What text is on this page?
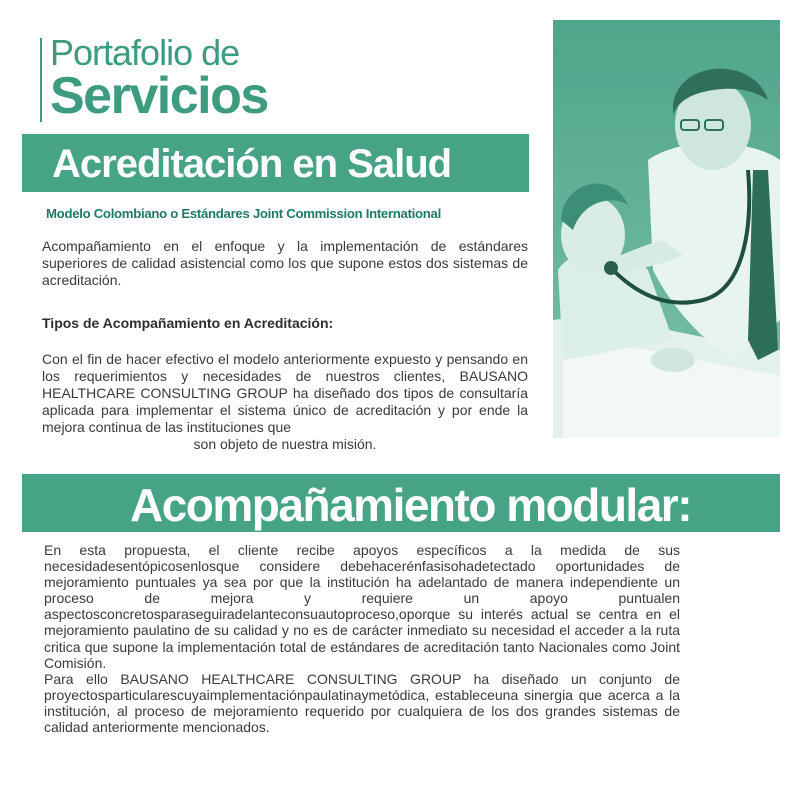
Portafolio de
Servicios
Acreditación en Salud
Modelo Colombiano o Estándares Joint Commission International
Acompañamiento en el enfoque y la implementación de estándares superiores de calidad asistencial como los que supone estos dos sistemas de acreditación.
Tipos de Acompañamiento en Acreditación:
Con el fin de hacer efectivo el modelo anteriormente expuesto y pensando en los requerimientos y necesidades de nuestros clientes, BAUSANO HEALTHCARE CONSULTING GROUP ha diseñado dos tipos de consultaría aplicada para implementar el sistema único de acreditación y por ende la mejora continua de las instituciones que
son objeto de nuestra misión.
Acompañamiento modular:
En esta propuesta, el cliente recibe apoyos específicos a la medida de sus necesidadesentópicosenlosque considere debehacerénfasisohadetectado oportunidades de mejoramiento puntuales ya sea por que la institución ha adelantado de manera independiente un proceso de mejora y requiere un apoyo puntualen aspectosconcretosparaseguiradelanteconsuautoproceso,oporque su interés actual se centra en el mejoramiento paulatino de su calidad y no es de carácter inmediato su necesidad el acceder a la ruta critica que supone la implementación total de estándares de acreditación tanto Nacionales como Joint Comisión.
Para ello BAUSANO HEALTHCARE CONSULTING GROUP ha diseñado un conjunto de proyectosparticularescuyaimplementaciónpaulatinaymetódica, estableceuna sinergia que acerca a la institución, al proceso de mejoramiento requerido por cualquiera de los dos grandes sistemas de calidad anteriormente mencionados.
